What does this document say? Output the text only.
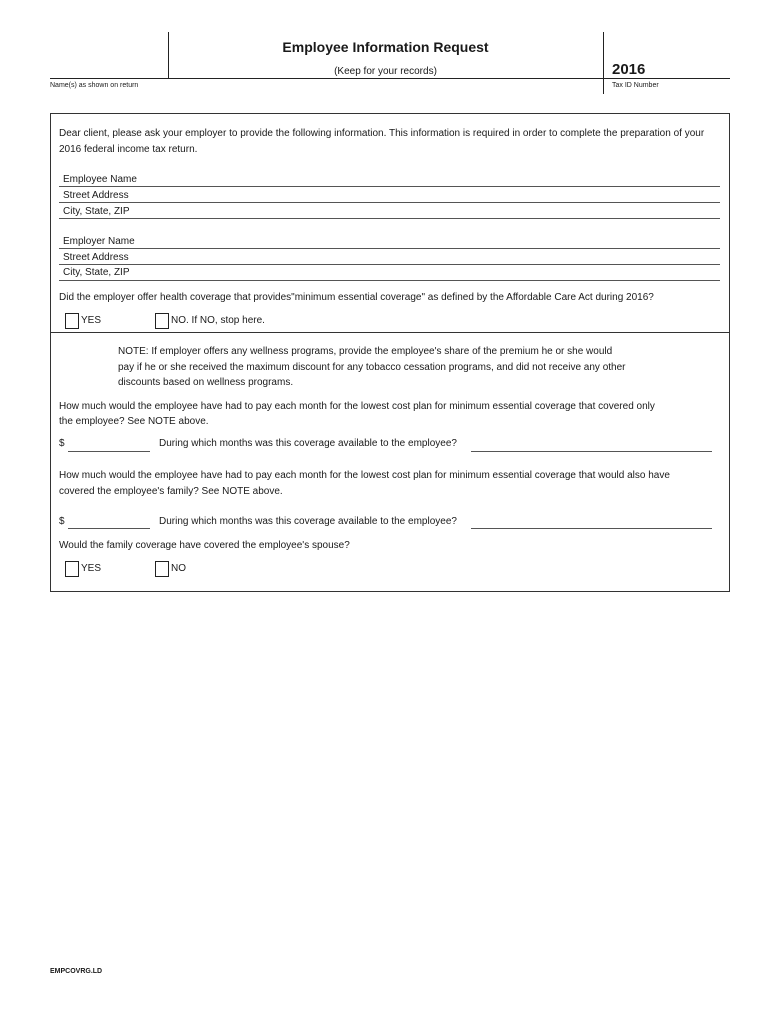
Employee Information Request
(Keep for your records)	2016
Name(s) as shown on return	Tax ID Number
Dear client, please ask your employer to provide the following information. This information is required in order to complete the preparation of your
2016 federal income tax return.
Employee Name
Street Address
City, State, ZIP
Employer Name
Street Address
City, State, ZIP
Did the employer offer health coverage that provides"minimum essential coverage" as defined by the Affordable Care Act during 2016?
YES	NO. If NO, stop here.
NOTE: If employer offers any wellness programs, provide the employee's share of the premium he or she would
pay if he or she received the maximum discount for any tobacco cessation programs, and did not receive any other
discounts based on wellness programs.
How much would the employee have had to pay each month for the lowest cost plan for minimum essential coverage that covered only
the employee? See NOTE above.
$	During which months was this coverage available to the employee?
How much would the employee have had to pay each month for the lowest cost plan for minimum essential coverage that would also have
covered the employee's family? See NOTE above.
$	During which months was this coverage available to the employee?
Would the family coverage have covered the employee's spouse?
YES	NO
EMPCOVRG.LD
